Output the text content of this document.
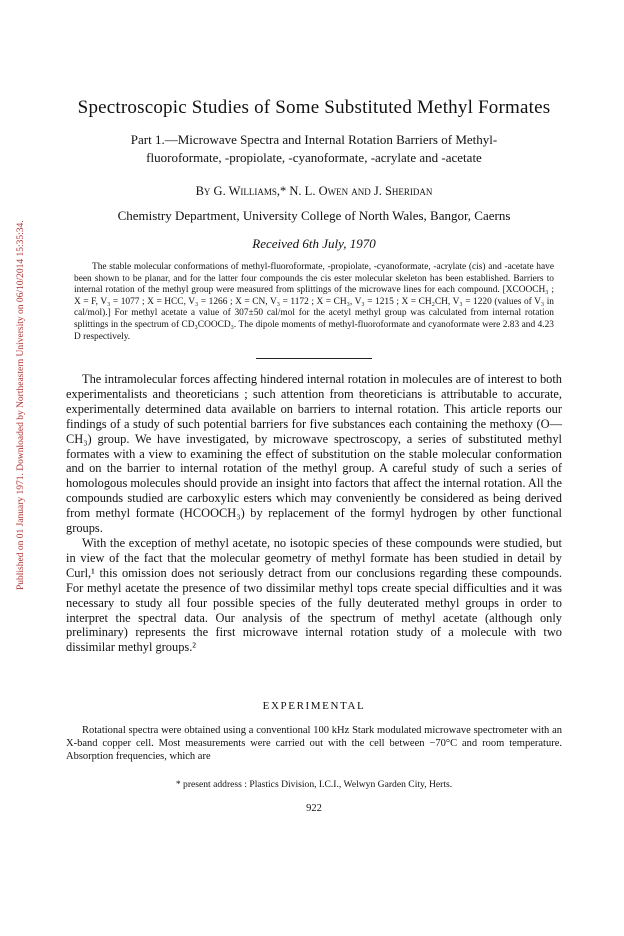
Published on 01 January 1971. Downloaded by Northeastern University on 06/10/2014 15:35:34.
Spectroscopic Studies of Some Substituted Methyl Formates
Part 1.—Microwave Spectra and Internal Rotation Barriers of Methyl-fluoroformate, -propiolate, -cyanoformate, -acrylate and -acetate
By G. Williams,* N. L. Owen and J. Sheridan
Chemistry Department, University College of North Wales, Bangor, Caerns
Received 6th July, 1970

The stable molecular conformations of methyl-fluoroformate, -propiolate, -cyanoformate, -acrylate (cis) and -acetate have been shown to be planar, and for the latter four compounds the cis ester molecular skeleton has been established. Barriers to internal rotation of the methyl group were measured from splittings of the microwave lines for each compound. [XCOOCH₃ ; X = F, V₃ = 1077 ; X = HCC, V₃ = 1266 ; X = CN, V₃ = 1172 ; X = CH₃, V₃ = 1215 ; X = CH₂CH, V₃ = 1220 (values of V₃ in cal/mol).] For methyl acetate a value of 307±50 cal/mol for the acetyl methyl group was calculated from internal rotation splittings in the spectrum of CD₃COOCD₃. The dipole moments of methyl-fluoroformate and cyanoformate were 2.83 and 4.23 D respectively.

The intramolecular forces affecting hindered internal rotation in molecules are of interest to both experimentalists and theoreticians ; such attention from theoreticians is attributable to accurate, experimentally determined data available on barriers to internal rotation. This article reports our findings of a study of such potential barriers for five substances each containing the methoxy (O—CH₃) group. We have investigated, by microwave spectroscopy, a series of substituted methyl formates with a view to examining the effect of substitution on the stable molecular conformation and on the barrier to internal rotation of the methyl group. A careful study of such a series of homologous molecules should provide an insight into factors that affect the internal rotation. All the compounds studied are carboxylic esters which may conveniently be considered as being derived from methyl formate (HCOOCH₃) by replacement of the formyl hydrogen by other functional groups.

With the exception of methyl acetate, no isotopic species of these compounds were studied, but in view of the fact that the molecular geometry of methyl formate has been studied in detail by Curl,¹ this omission does not seriously detract from our conclusions regarding these compounds. For methyl acetate the presence of two dissimilar methyl tops create special difficulties and it was necessary to study all four possible species of the fully deuterated methyl groups in order to interpret the spectral data. Our analysis of the spectrum of methyl acetate (although only preliminary) represents the first microwave internal rotation study of a molecule with two dissimilar methyl groups.²

EXPERIMENTAL

Rotational spectra were obtained using a conventional 100 kHz Stark modulated microwave spectrometer with an X-band copper cell. Most measurements were carried out with the cell between −70°C and room temperature. Absorption frequencies, which are

* present address : Plastics Division, I.C.I., Welwyn Garden City, Herts.
922
